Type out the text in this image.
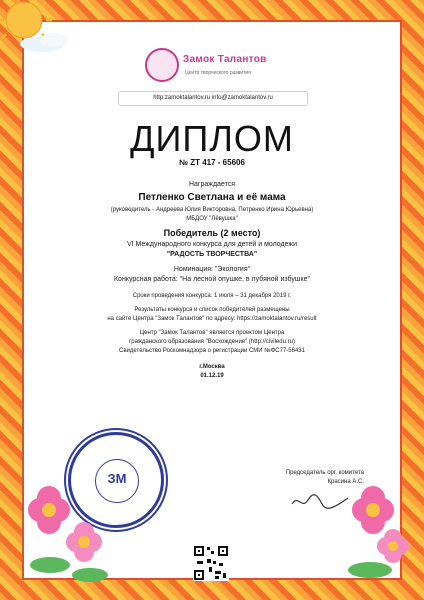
Замок Талантов
Центр творческого развития
http:zamoktalantov.ru info@zamoktalantov.ru
ДИПЛОМ
№ ZT 417 - 65606
Награждается
Петленко Светлана и её мама
(руководитель - Андреева Юлия Викторовна, Петренко Ирина Юрьевна)
МБДОУ "Лёвушка"
Победитель (2 место)
VI Международного конкурса для детей и молодежи
"РАДОСТЬ ТВОРЧЕСТВА"
Номинация: "Экология"
Конкурсная работа: "На лесной опушке, в лубяной избушке"
Сроки проведения конкурса: 1 июля – 31 декабря 2019 г.
Результаты конкурса и список победителей размещены
на сайте Центра "Замок Талантов" по адресу: https://zamoktalantov.ru/result
Центр "Замок Талантов" является проектом Центра
гражданского образования "Восхождение" (http://civiledu.ru)
Свидетельство Роскомнадзора о регистрации СМИ №ФС77-56431
г.Москва
01.12.19
ЗМ	Председатель орг. комитета
Красина А.С.
